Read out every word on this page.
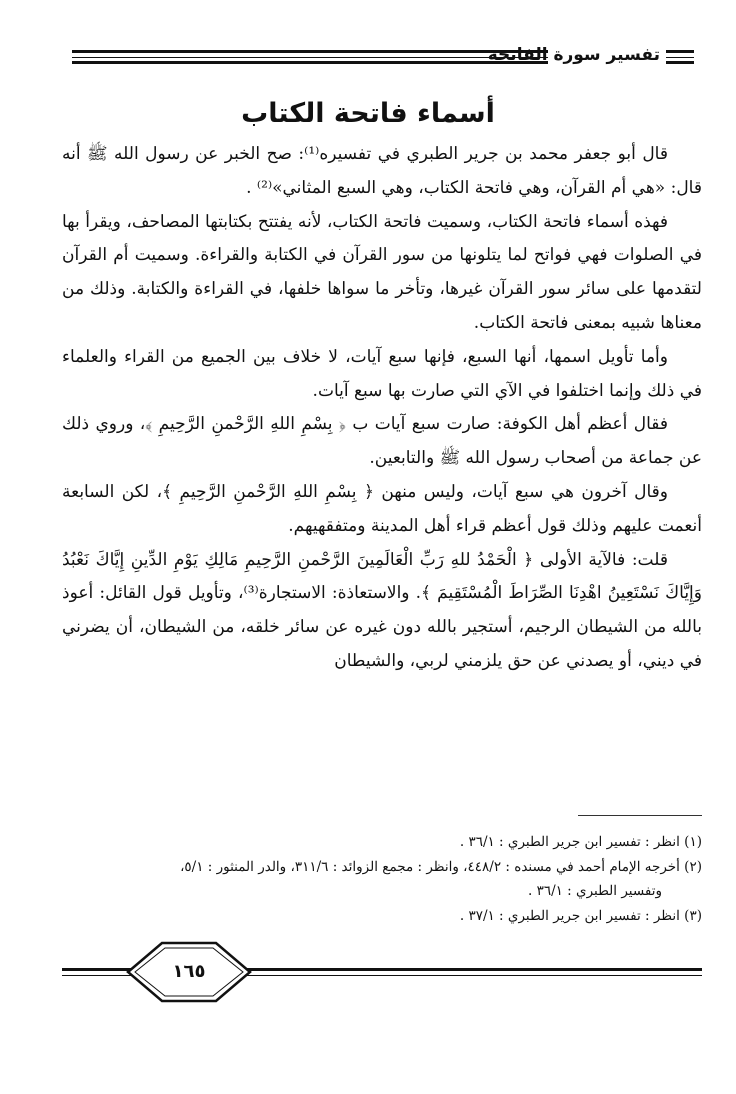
تفسير سورة الفاتحة
أسماء فاتحة الكتاب

قال أبو جعفر محمد بن جرير الطبري في تفسيره⁽¹⁾: صح الخبر عن رسول الله ﷺ أنه قال: «هي أم القرآن، وهي فاتحة الكتاب، وهي السبع المثاني»⁽²⁾ .

فهذه أسماء فاتحة الكتاب، وسميت فاتحة الكتاب، لأنه يفتتح بكتابتها المصاحف، ويقرأ بها في الصلوات فهي فواتح لما يتلونها من سور القرآن في الكتابة والقراءة. وسميت أم القرآن لتقدمها على سائر سور القرآن غيرها، وتأخر ما سواها خلفها، في القراءة والكتابة. وذلك من معناها شبيه بمعنى فاتحة الكتاب.

وأما تأويل اسمها، أنها السبع، فإنها سبع آيات، لا خلاف بين الجميع من القراء والعلماء في ذلك وإنما اختلفوا في الآي التي صارت بها سبع آيات.

فقال أعظم أهل الكوفة: صارت سبع آيات ب ﴿ بِسْمِ اللهِ الرَّحْمنِ الرَّحِيمِ ﴾، وروي ذلك عن جماعة من أصحاب رسول الله ﷺ والتابعين.

وقال آخرون هي سبع آيات، وليس منهن ﴿ بِسْمِ اللهِ الرَّحْمنِ الرَّحِيمِ ﴾، لكن السابعة أنعمت عليهم وذلك قول أعظم قراء أهل المدينة ومتفقهيهم.

قلت: فالآية الأولى ﴿ الْحَمْدُ للهِ رَبِّ الْعَالَمِينَ الرَّحْمنِ الرَّحِيمِ مَالِكِ يَوْمِ الدِّينِ إِيَّاكَ نَعْبُدُ وَإِيَّاكَ نَسْتَعِينُ اهْدِنَا الصِّرَاطَ الْمُسْتَقِيمَ ﴾. والاستعاذة: الاستجارة⁽³⁾، وتأويل قول القائل: أعوذ بالله من الشيطان الرجيم، أستجير بالله دون غيره عن سائر خلقه، من الشيطان، أن يضرني في ديني، أو يصدني عن حق يلزمني لربي، والشيطان

(١) انظر : تفسير ابن جرير الطبري : ٣٦/١ .

(٢) أخرجه الإمام أحمد في مسنده : ٤٤٨/٢، وانظر : مجمع الزوائد : ٣١١/٦، والدر المنثور : ٥/١،

وتفسير الطبري : ٣٦/١ .

(٣) انظر : تفسير ابن جرير الطبري : ٣٧/١ .

١٦٥
